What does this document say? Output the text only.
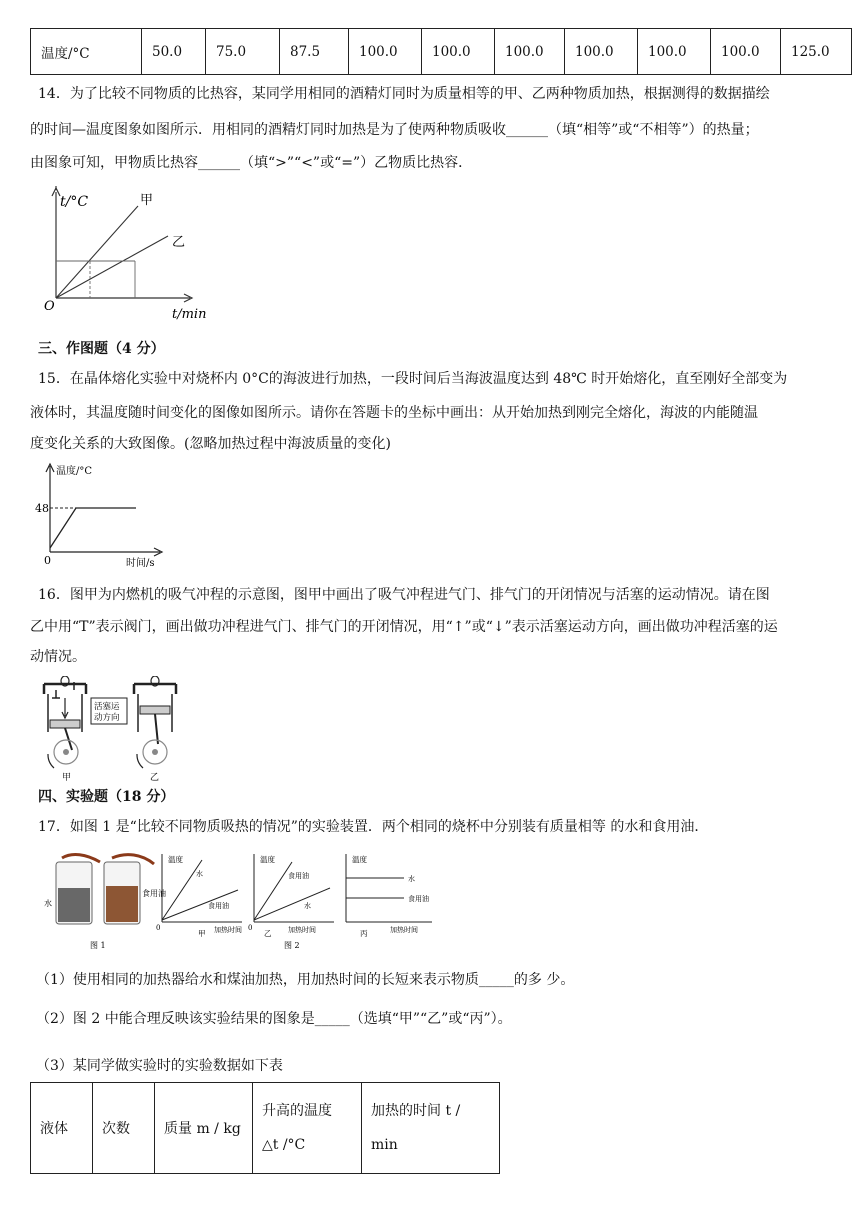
温度/°C	50.0	75.0	87.5	100.0	100.0	100.0	100.0	100.0	100.0	125.0

14．为了比较不同物质的比热容，某同学用相同的酒精灯同时为质量相等的甲、乙两种物质加热，根据测得的数据描绘

的时间—温度图象如图所示．用相同的酒精灯同时加热是为了使两种物质吸收______（填“相等”或“不相等”）的热量；

由图象可知，甲物质比热容______（填“>”“<”或“=”）乙物质比热容．

t/°C	甲
乙
O
t/min

三、作图题（4 分）

15．在晶体熔化实验中对烧杯内 0°C的海波进行加热，一段时间后当海波温度达到 48℃ 时开始熔化，直至刚好全部变为

液体时，其温度随时间变化的图像如图所示。请你在答题卡的坐标中画出：从开始加热到刚完全熔化，海波的内能随温

度变化关系的大致图像。(忽略加热过程中海波质量的变化)

温度/°C
48
0	时间/s

16．图甲为内燃机的吸气冲程的示意图，图甲中画出了吸气冲程进气门、排气门的开闭情况与活塞的运动情况。请在图

乙中用“T”表示阀门，画出做功冲程进气门、排气门的开闭情况，用“↑”或“↓”表示活塞运动方向，画出做功冲程活塞的运

动情况。

甲
活塞运
动方向
乙

四、实验题（18 分）

17．如图 1 是“比较不同物质吸热的情况”的实验装置．两个相同的烧杯中分别装有质量相等 的水和食用油．

水
食用油
图 1
温度
水
食用油
0
甲 加热时间
温度
食用油
水
0
乙 加热时间
图 2
温度
水
食用油
丙	加热时间

（1）使用相同的加热器给水和煤油加热，用加热时间的长短来表示物质_____的多 少。

（2）图 2 中能合理反映该实验结果的图象是_____（选填“甲”“乙”或“丙”）。

（3）某同学做实验时的实验数据如下表

液体	次数	质量 m / kg	升高的温度
△t /°C	加热的时间 t /
min
